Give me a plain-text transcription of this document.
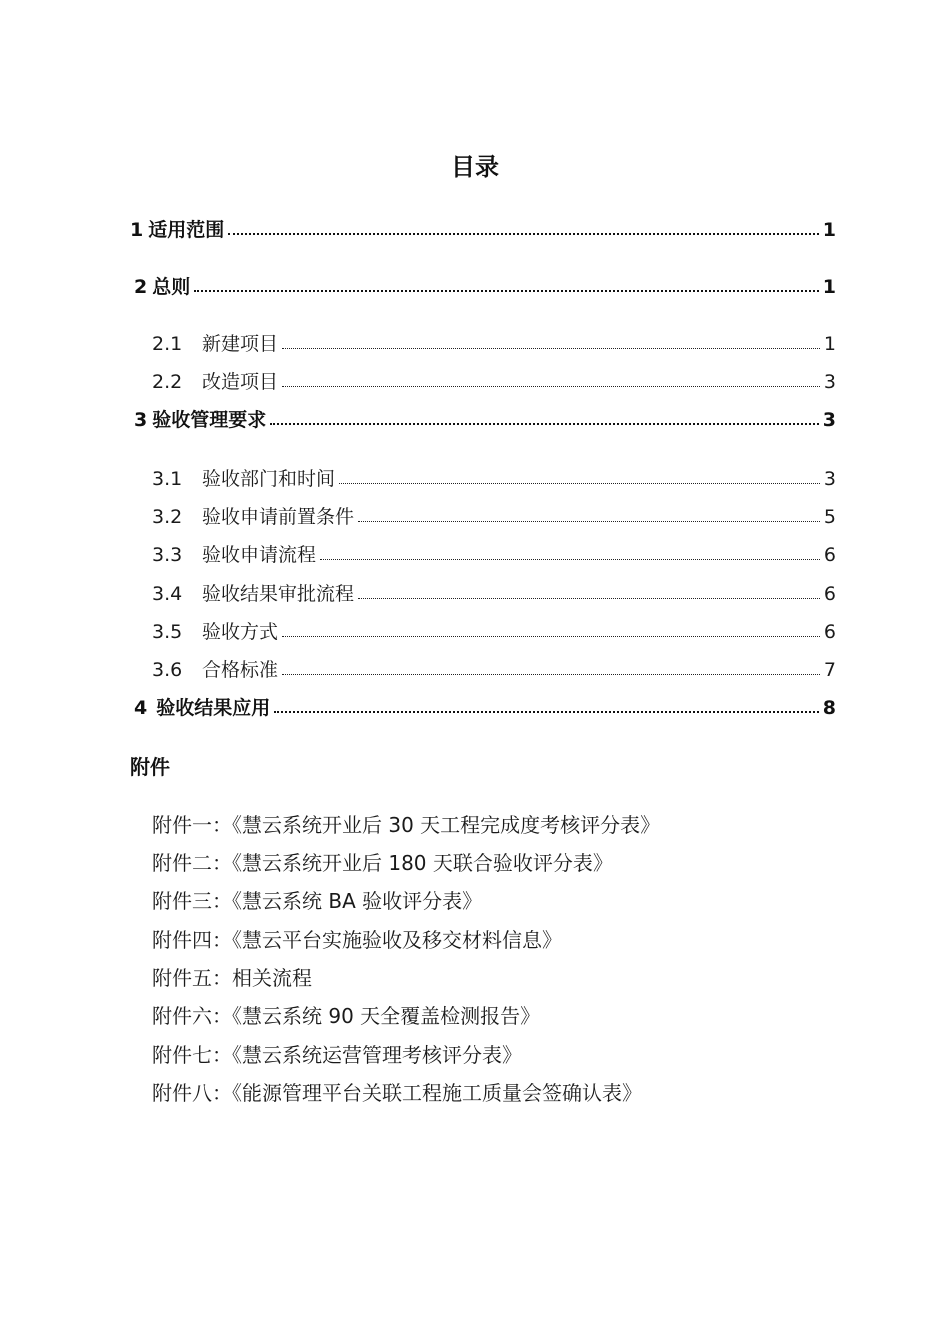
目录
1 适用范围	1
2 总则	1
2.1	新建项目	1
2.2	改造项目	3
3 验收管理要求	3
3.1	验收部门和时间	3
3.2	验收申请前置条件	5
3.3	验收申请流程	6
3.4	验收结果审批流程	6
3.5	验收方式	6
3.6	合格标准	7
4 验收结果应用	8
附件
附件一：《慧云系统开业后 30 天工程完成度考核评分表》
附件二：《慧云系统开业后 180 天联合验收评分表》
附件三：《慧云系统 BA 验收评分表》
附件四：《慧云平台实施验收及移交材料信息》
附件五：相关流程
附件六：《慧云系统 90 天全覆盖检测报告》
附件七：《慧云系统运营管理考核评分表》
附件八：《能源管理平台关联工程施工质量会签确认表》
